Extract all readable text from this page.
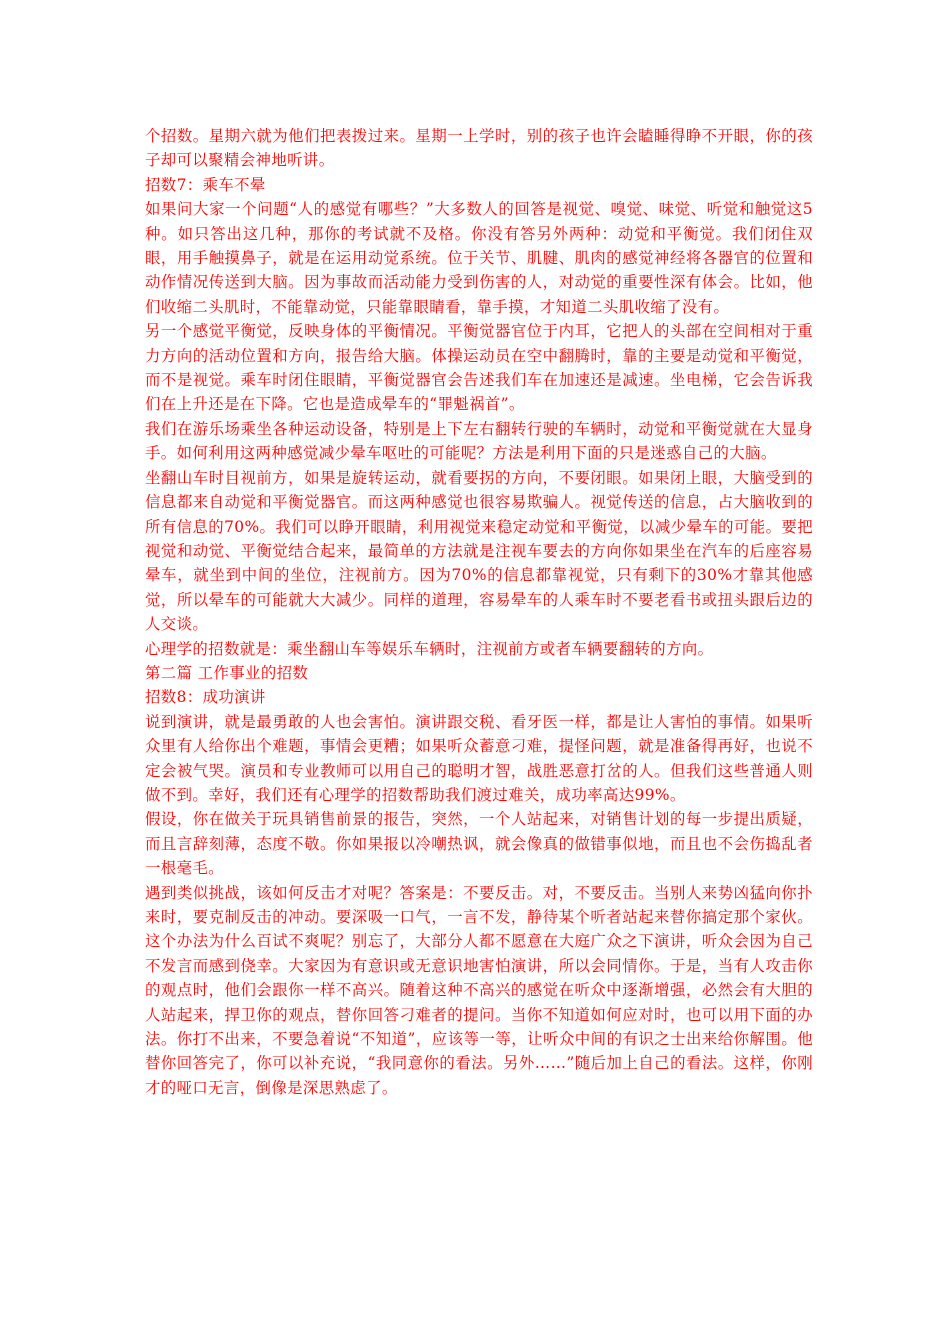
个招数。星期六就为他们把表拨过来。星期一上学时，别的孩子也许会瞌睡得睁不开眼，你的孩子却可以聚精会神地听讲。

招数7：乘车不晕

如果问大家一个问题“人的感觉有哪些？”大多数人的回答是视觉、嗅觉、味觉、听觉和触觉这5种。如只答出这几种，那你的考试就不及格。你没有答另外两种：动觉和平衡觉。我们闭住双眼，用手触摸鼻子，就是在运用动觉系统。位于关节、肌腱、肌肉的感觉神经将各器官的位置和动作情况传送到大脑。因为事故而活动能力受到伤害的人，对动觉的重要性深有体会。比如，他们收缩二头肌时，不能靠动觉，只能靠眼睛看，靠手摸，才知道二头肌收缩了没有。

另一个感觉平衡觉，反映身体的平衡情况。平衡觉器官位于内耳，它把人的头部在空间相对于重力方向的活动位置和方向，报告给大脑。体操运动员在空中翻腾时，靠的主要是动觉和平衡觉，而不是视觉。乘车时闭住眼睛，平衡觉器官会告述我们车在加速还是减速。坐电梯，它会告诉我们在上升还是在下降。它也是造成晕车的“罪魁祸首”。

我们在游乐场乘坐各种运动设备，特别是上下左右翻转行驶的车辆时，动觉和平衡觉就在大显身手。如何利用这两种感觉减少晕车呕吐的可能呢？方法是利用下面的只是迷惑自己的大脑。

坐翻山车时目视前方，如果是旋转运动，就看要拐的方向，不要闭眼。如果闭上眼，大脑受到的信息都来自动觉和平衡觉器官。而这两种感觉也很容易欺骗人。视觉传送的信息，占大脑收到的所有信息的70%。我们可以睁开眼睛，利用视觉来稳定动觉和平衡觉，以减少晕车的可能。要把视觉和动觉、平衡觉结合起来，最简单的方法就是注视车要去的方向你如果坐在汽车的后座容易晕车，就坐到中间的坐位，注视前方。因为70%的信息都靠视觉，只有剩下的30%才靠其他感觉，所以晕车的可能就大大减少。同样的道理，容易晕车的人乘车时不要老看书或扭头跟后边的人交谈。

心理学的招数就是：乘坐翻山车等娱乐车辆时，注视前方或者车辆要翻转的方向。

第二篇 工作事业的招数

招数8：成功演讲

说到演讲，就是最勇敢的人也会害怕。演讲跟交税、看牙医一样，都是让人害怕的事情。如果听众里有人给你出个难题，事情会更糟；如果听众蓄意刁难，提怪问题，就是准备得再好，也说不定会被气哭。演员和专业教师可以用自己的聪明才智，战胜恶意打岔的人。但我们这些普通人则做不到。幸好，我们还有心理学的招数帮助我们渡过难关，成功率高达99%。

假设，你在做关于玩具销售前景的报告，突然，一个人站起来，对销售计划的每一步提出质疑，而且言辞刻薄，态度不敬。你如果报以冷嘲热讽，就会像真的做错事似地，而且也不会伤捣乱者一根毫毛。

遇到类似挑战，该如何反击才对呢？答案是：不要反击。对，不要反击。当别人来势凶猛向你扑来时，要克制反击的冲动。要深吸一口气，一言不发，静待某个听者站起来替你搞定那个家伙。这个办法为什么百试不爽呢？别忘了，大部分人都不愿意在大庭广众之下演讲，听众会因为自己不发言而感到侥幸。大家因为有意识或无意识地害怕演讲，所以会同情你。于是，当有人攻击你的观点时，他们会跟你一样不高兴。随着这种不高兴的感觉在听众中逐渐增强，必然会有大胆的人站起来，捍卫你的观点，替你回答刁难者的提问。当你不知道如何应对时，也可以用下面的办法。你打不出来，不要急着说“不知道”，应该等一等，让听众中间的有识之士出来给你解围。他替你回答完了，你可以补充说，“我同意你的看法。另外……”随后加上自己的看法。这样，你刚才的哑口无言，倒像是深思熟虑了。
